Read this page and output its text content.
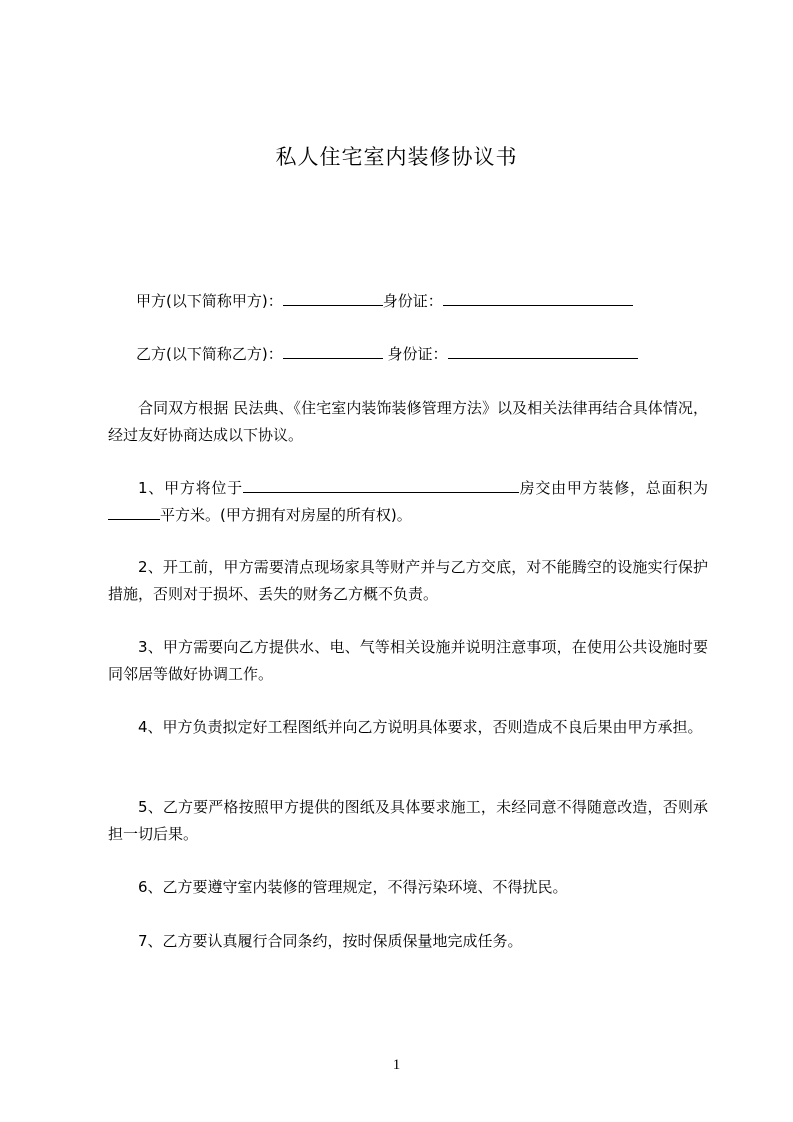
私人住宅室内装修协议书
甲方(以下简称甲方)：	身份证：
乙方(以下简称乙方)：	身份证：
合同双方根据 民法典、《住宅室内装饰装修管理方法》以及相关法律再结合具体情况，经过友好协商达成以下协议。
1、甲方将位于	房交由甲方装修，总面积为平方米。(甲方拥有对房屋的所有权)。
2、开工前，甲方需要清点现场家具等财产并与乙方交底，对不能腾空的设施实行保护措施，否则对于损坏、丢失的财务乙方概不负责。
3、甲方需要向乙方提供水、电、气等相关设施并说明注意事项，在使用公共设施时要同邻居等做好协调工作。
4、甲方负责拟定好工程图纸并向乙方说明具体要求，否则造成不良后果由甲方承担。
5、乙方要严格按照甲方提供的图纸及具体要求施工，未经同意不得随意改造，否则承担一切后果。
6、乙方要遵守室内装修的管理规定，不得污染环境、不得扰民。
7、乙方要认真履行合同条约，按时保质保量地完成任务。
1
